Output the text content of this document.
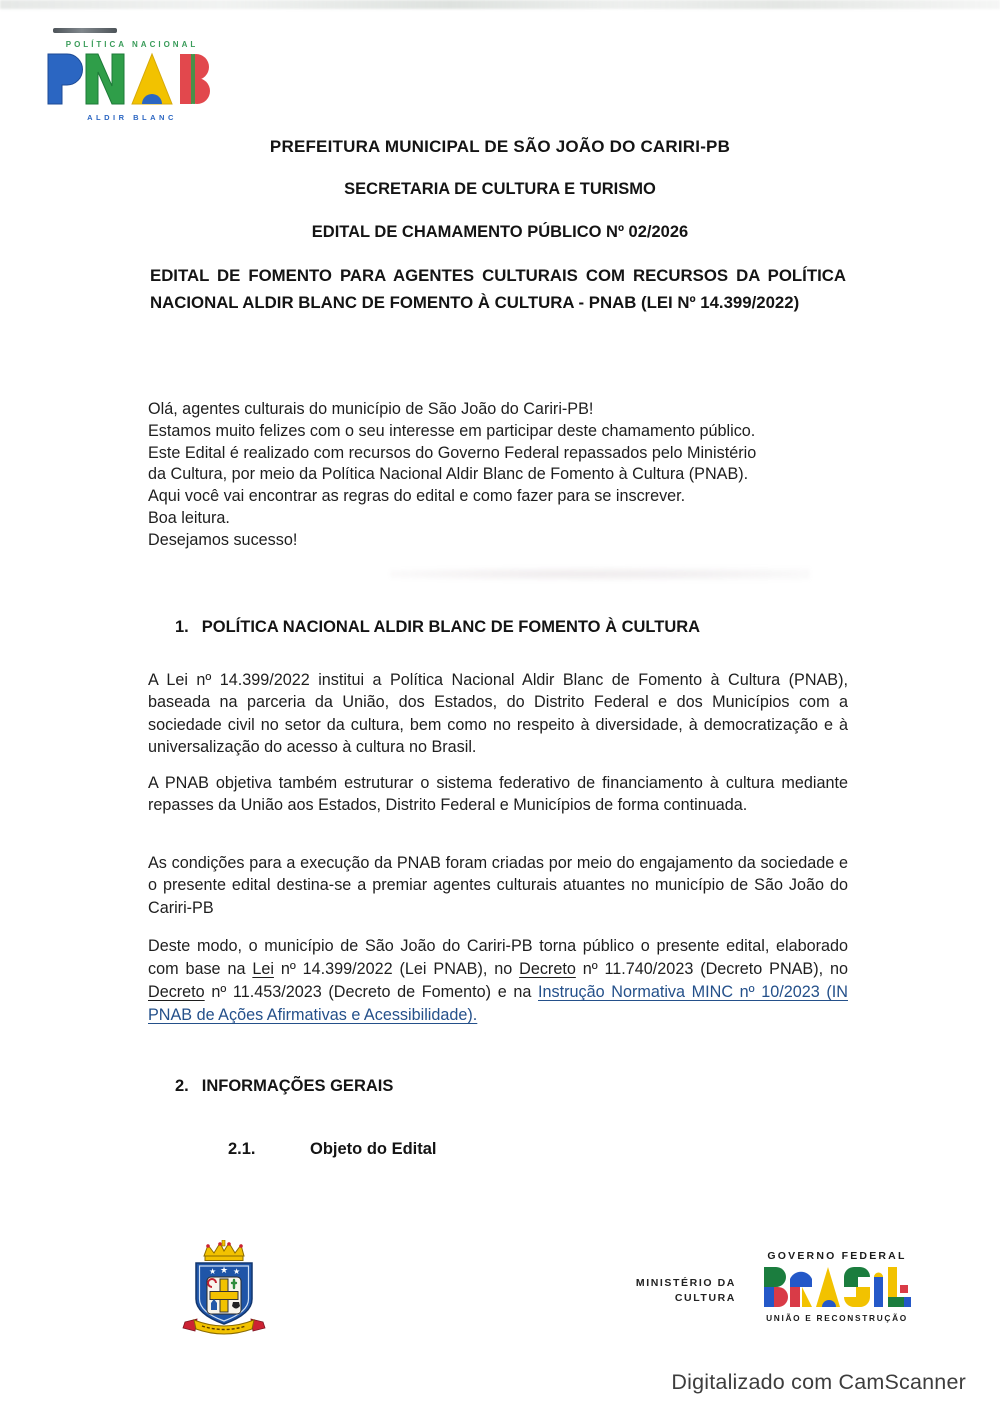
POLÍTICA NACIONAL
ALDIR BLANC
PREFEITURA MUNICIPAL DE SÃO JOÃO DO CARIRI-PB
SECRETARIA DE CULTURA E TURISMO
EDITAL DE CHAMAMENTO PÚBLICO Nº 02/2026
EDITAL DE FOMENTO PARA AGENTES CULTURAIS COM RECURSOS DA POLÍTICA NACIONAL ALDIR BLANC DE FOMENTO À CULTURA - PNAB (LEI Nº 14.399/2022)
Olá, agentes culturais do município de São João do Cariri-PB!
Estamos muito felizes com o seu interesse em participar deste chamamento público.
Este Edital é realizado com recursos do Governo Federal repassados pelo Ministério
da Cultura, por meio da Política Nacional Aldir Blanc de Fomento à Cultura (PNAB).
Aqui você vai encontrar as regras do edital e como fazer para se inscrever.
Boa leitura.
Desejamos sucesso!
1. POLÍTICA NACIONAL ALDIR BLANC DE FOMENTO À CULTURA
A Lei nº 14.399/2022 institui a Política Nacional Aldir Blanc de Fomento à Cultura (PNAB), baseada na parceria da União, dos Estados, do Distrito Federal e dos Municípios com a sociedade civil no setor da cultura, bem como no respeito à diversidade, à democratização e à universalização do acesso à cultura no Brasil.
A PNAB objetiva também estruturar o sistema federativo de financiamento à cultura mediante repasses da União aos Estados, Distrito Federal e Municípios de forma continuada.
As condições para a execução da PNAB foram criadas por meio do engajamento da sociedade e o presente edital destina-se a premiar agentes culturais atuantes no município de São João do Cariri-PB
Deste modo, o município de São João do Cariri-PB torna público o presente edital, elaborado com base na Lei nº 14.399/2022 (Lei PNAB), no Decreto nº 11.740/2023 (Decreto PNAB), no Decreto nº 11.453/2023 (Decreto de Fomento) e na Instrução Normativa MINC nº 10/2023 (IN PNAB de Ações Afirmativas e Acessibilidade).
2. INFORMAÇÕES GERAIS
2.1.	Objeto do Edital
★ ★ ★
MINISTÉRIO DA
CULTURA
GOVERNO FEDERAL
UNIÃO E RECONSTRUÇÃO
Digitalizado com CamScanner
